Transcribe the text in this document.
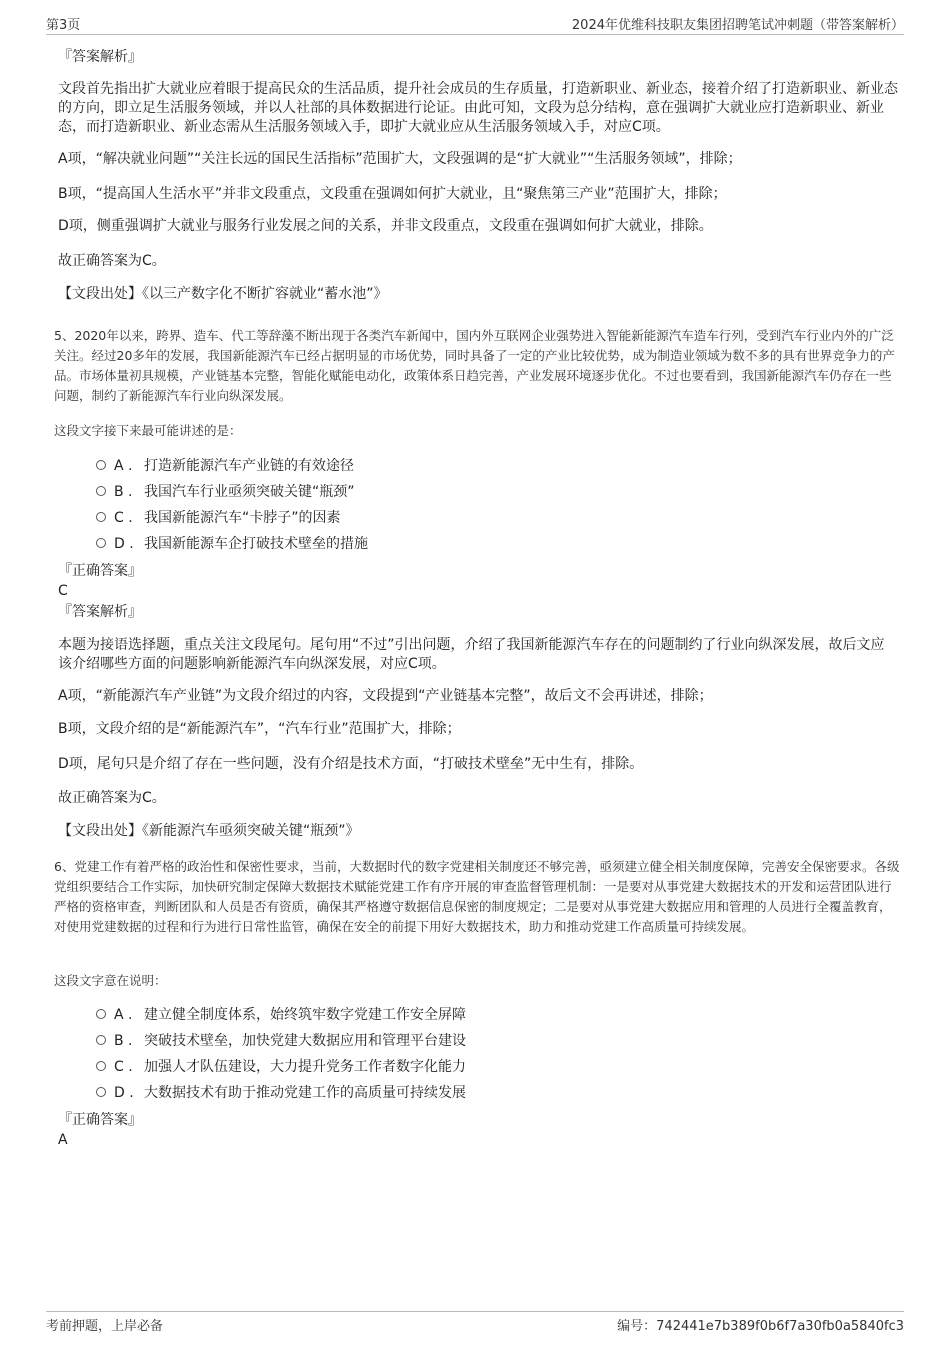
第3页	2024年优维科技职友集团招聘笔试冲刺题（带答案解析）
『答案解析』
文段首先指出扩大就业应着眼于提高民众的生活品质，提升社会成员的生存质量，打造新职业、新业态，接着介绍了打造新职业、新业态的方向，即立足生活服务领域，并以人社部的具体数据进行论证。由此可知，文段为总分结构，意在强调扩大就业应打造新职业、新业态，而打造新职业、新业态需从生活服务领域入手，即扩大就业应从生活服务领域入手，对应C项。
A项，“解决就业问题”“关注长远的国民生活指标”范围扩大，文段强调的是“扩大就业”“生活服务领域”，排除；
B项，“提高国人生活水平”并非文段重点，文段重在强调如何扩大就业，且“聚焦第三产业”范围扩大，排除；
D项，侧重强调扩大就业与服务行业发展之间的关系，并非文段重点，文段重在强调如何扩大就业，排除。
故正确答案为C。
【文段出处】《以三产数字化不断扩容就业“蓄水池”》
5、2020年以来，跨界、造车、代工等辞藻不断出现于各类汽车新闻中，国内外互联网企业强势进入智能新能源汽车造车行列，受到汽车行业内外的广泛关注。经过20多年的发展，我国新能源汽车已经占据明显的市场优势，同时具备了一定的产业比较优势，成为制造业领域为数不多的具有世界竞争力的产品。市场体量初具规模，产业链基本完整，智能化赋能电动化，政策体系日趋完善，产业发展环境逐步优化。不过也要看到，我国新能源汽车仍存在一些问题，制约了新能源汽车行业向纵深发展。
这段文字接下来最可能讲述的是：
A . 打造新能源汽车产业链的有效途径
B . 我国汽车行业亟须突破关键“瓶颈”
C . 我国新能源汽车“卡脖子”的因素
D . 我国新能源车企打破技术壁垒的措施
『正确答案』
C
『答案解析』
本题为接语选择题，重点关注文段尾句。尾句用“不过”引出问题，介绍了我国新能源汽车存在的问题制约了行业向纵深发展，故后文应该介绍哪些方面的问题影响新能源汽车向纵深发展，对应C项。
A项，“新能源汽车产业链”为文段介绍过的内容，文段提到“产业链基本完整”，故后文不会再讲述，排除；
B项，文段介绍的是“新能源汽车”，“汽车行业”范围扩大，排除；
D项，尾句只是介绍了存在一些问题，没有介绍是技术方面，“打破技术壁垒”无中生有，排除。
故正确答案为C。
【文段出处】《新能源汽车亟须突破关键“瓶颈”》
6、党建工作有着严格的政治性和保密性要求，当前，大数据时代的数字党建相关制度还不够完善，亟须建立健全相关制度保障，完善安全保密要求。各级党组织要结合工作实际，加快研究制定保障大数据技术赋能党建工作有序开展的审查监督管理机制：一是要对从事党建大数据技术的开发和运营团队进行严格的资格审查，判断团队和人员是否有资质，确保其严格遵守数据信息保密的制度规定；二是要对从事党建大数据应用和管理的人员进行全覆盖教育，对使用党建数据的过程和行为进行日常性监管，确保在安全的前提下用好大数据技术，助力和推动党建工作高质量可持续发展。
这段文字意在说明：
A . 建立健全制度体系，始终筑牢数字党建工作安全屏障
B . 突破技术壁垒，加快党建大数据应用和管理平台建设
C . 加强人才队伍建设，大力提升党务工作者数字化能力
D . 大数据技术有助于推动党建工作的高质量可持续发展
『正确答案』
A
考前押题，上岸必备	编号：742441e7b389f0b6f7a30fb0a5840fc3
